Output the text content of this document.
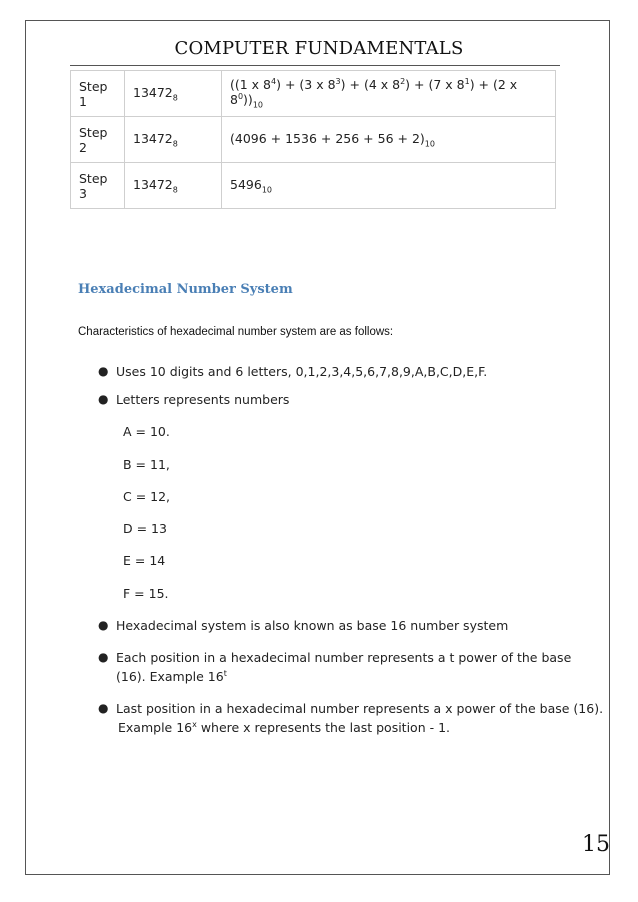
COMPUTER FUNDAMENTALS
Step 1	$13472_8$	((1 x $8^4) + (3$ x $8^3) + (4$ x $8^2) + (7$ x $8^1) + (2$ x $8^0))_{10}$
Step 2	$13472_8$	$(4096 + 1536 + 256 + 56 + 2)_{10}$
Step 3	$13472_8$	$5496_{10}$
Hexadecimal Number System
Characteristics of hexadecimal number system are as follows:
● Uses 10 digits and 6 letters, 0,1,2,3,4,5,6,7,8,9,A,B,C,D,E,F.
● Letters represents numbers
A = 10.
B = 11,
C = 12,
D = 13
E = 14
F = 15.
● Hexadecimal system is also known as base 16 number system
● Each position in a hexadecimal number represents a t power of the base
(16). Example 16$^t$
● Last position in a hexadecimal number represents a x power of the base (16).
Example 16$^x$ where x represents the last position - 1.
15
